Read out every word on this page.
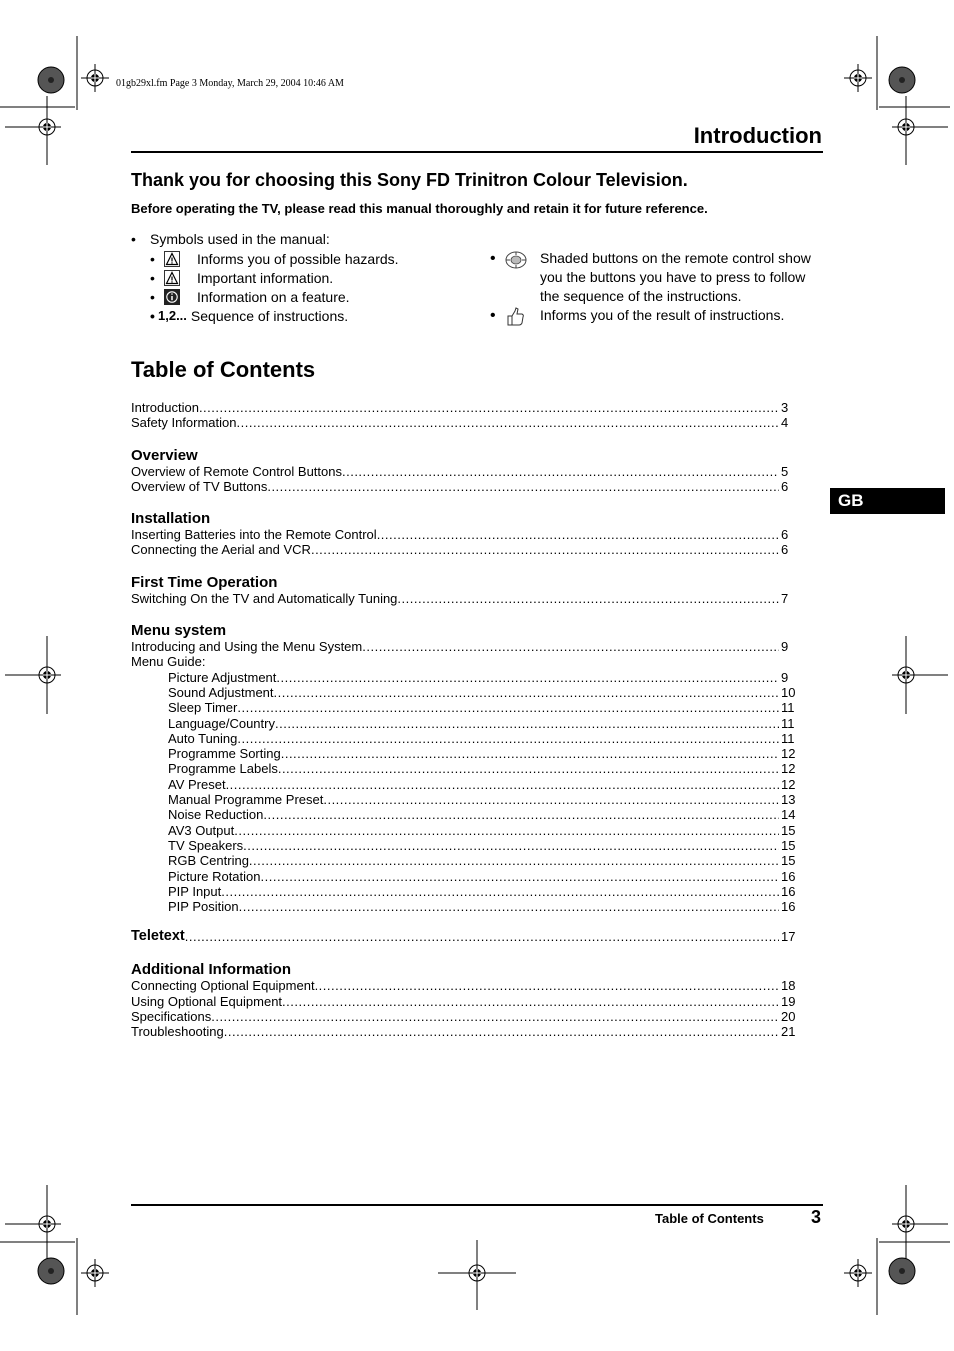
01gb29xl.fm Page 3 Monday, March 29, 2004 10:46 AM
Introduction
Thank you for choosing this Sony FD Trinitron Colour Television.
Before operating the TV, please read this manual thoroughly and retain it for future reference.
• Symbols used in the manual:
•	Informs you of possible hazards.
•	Important information.
•	Information on a feature.
• 1,2... Sequence of instructions.
•	Shaded buttons on the remote control show you the buttons you have to press to follow the sequence of the instructions.
•	Informs you of the result of instructions.
Table of Contents
Introduction .....	3
Safety Information .....	4
Overview
Overview of Remote Control Buttons .....	5
Overview of TV Buttons .....	6
Installation
Inserting Batteries into the Remote Control .....	6
Connecting the Aerial and VCR .....	6
First Time Operation
Switching On the TV and Automatically Tuning .....	7
Menu system
Introducing and Using the Menu System .....	9
Menu Guide:
Picture Adjustment .....	9
Sound Adjustment .....	10
Sleep Timer .....	11
Language/Country .....	11
Auto Tuning .....	11
Programme Sorting .....	12
Programme Labels .....	12
AV Preset .....	12
Manual Programme Preset .....	13
Noise Reduction .....	14
AV3 Output .....	15
TV Speakers .....	15
RGB Centring .....	15
Picture Rotation .....	16
PIP Input .....	16
PIP Position .....	16
Teletext .....	17
Additional Information
Connecting Optional Equipment .....	18
Using Optional Equipment .....	19
Specifications .....	20
Troubleshooting .....	21
GB
Table of Contents	3
